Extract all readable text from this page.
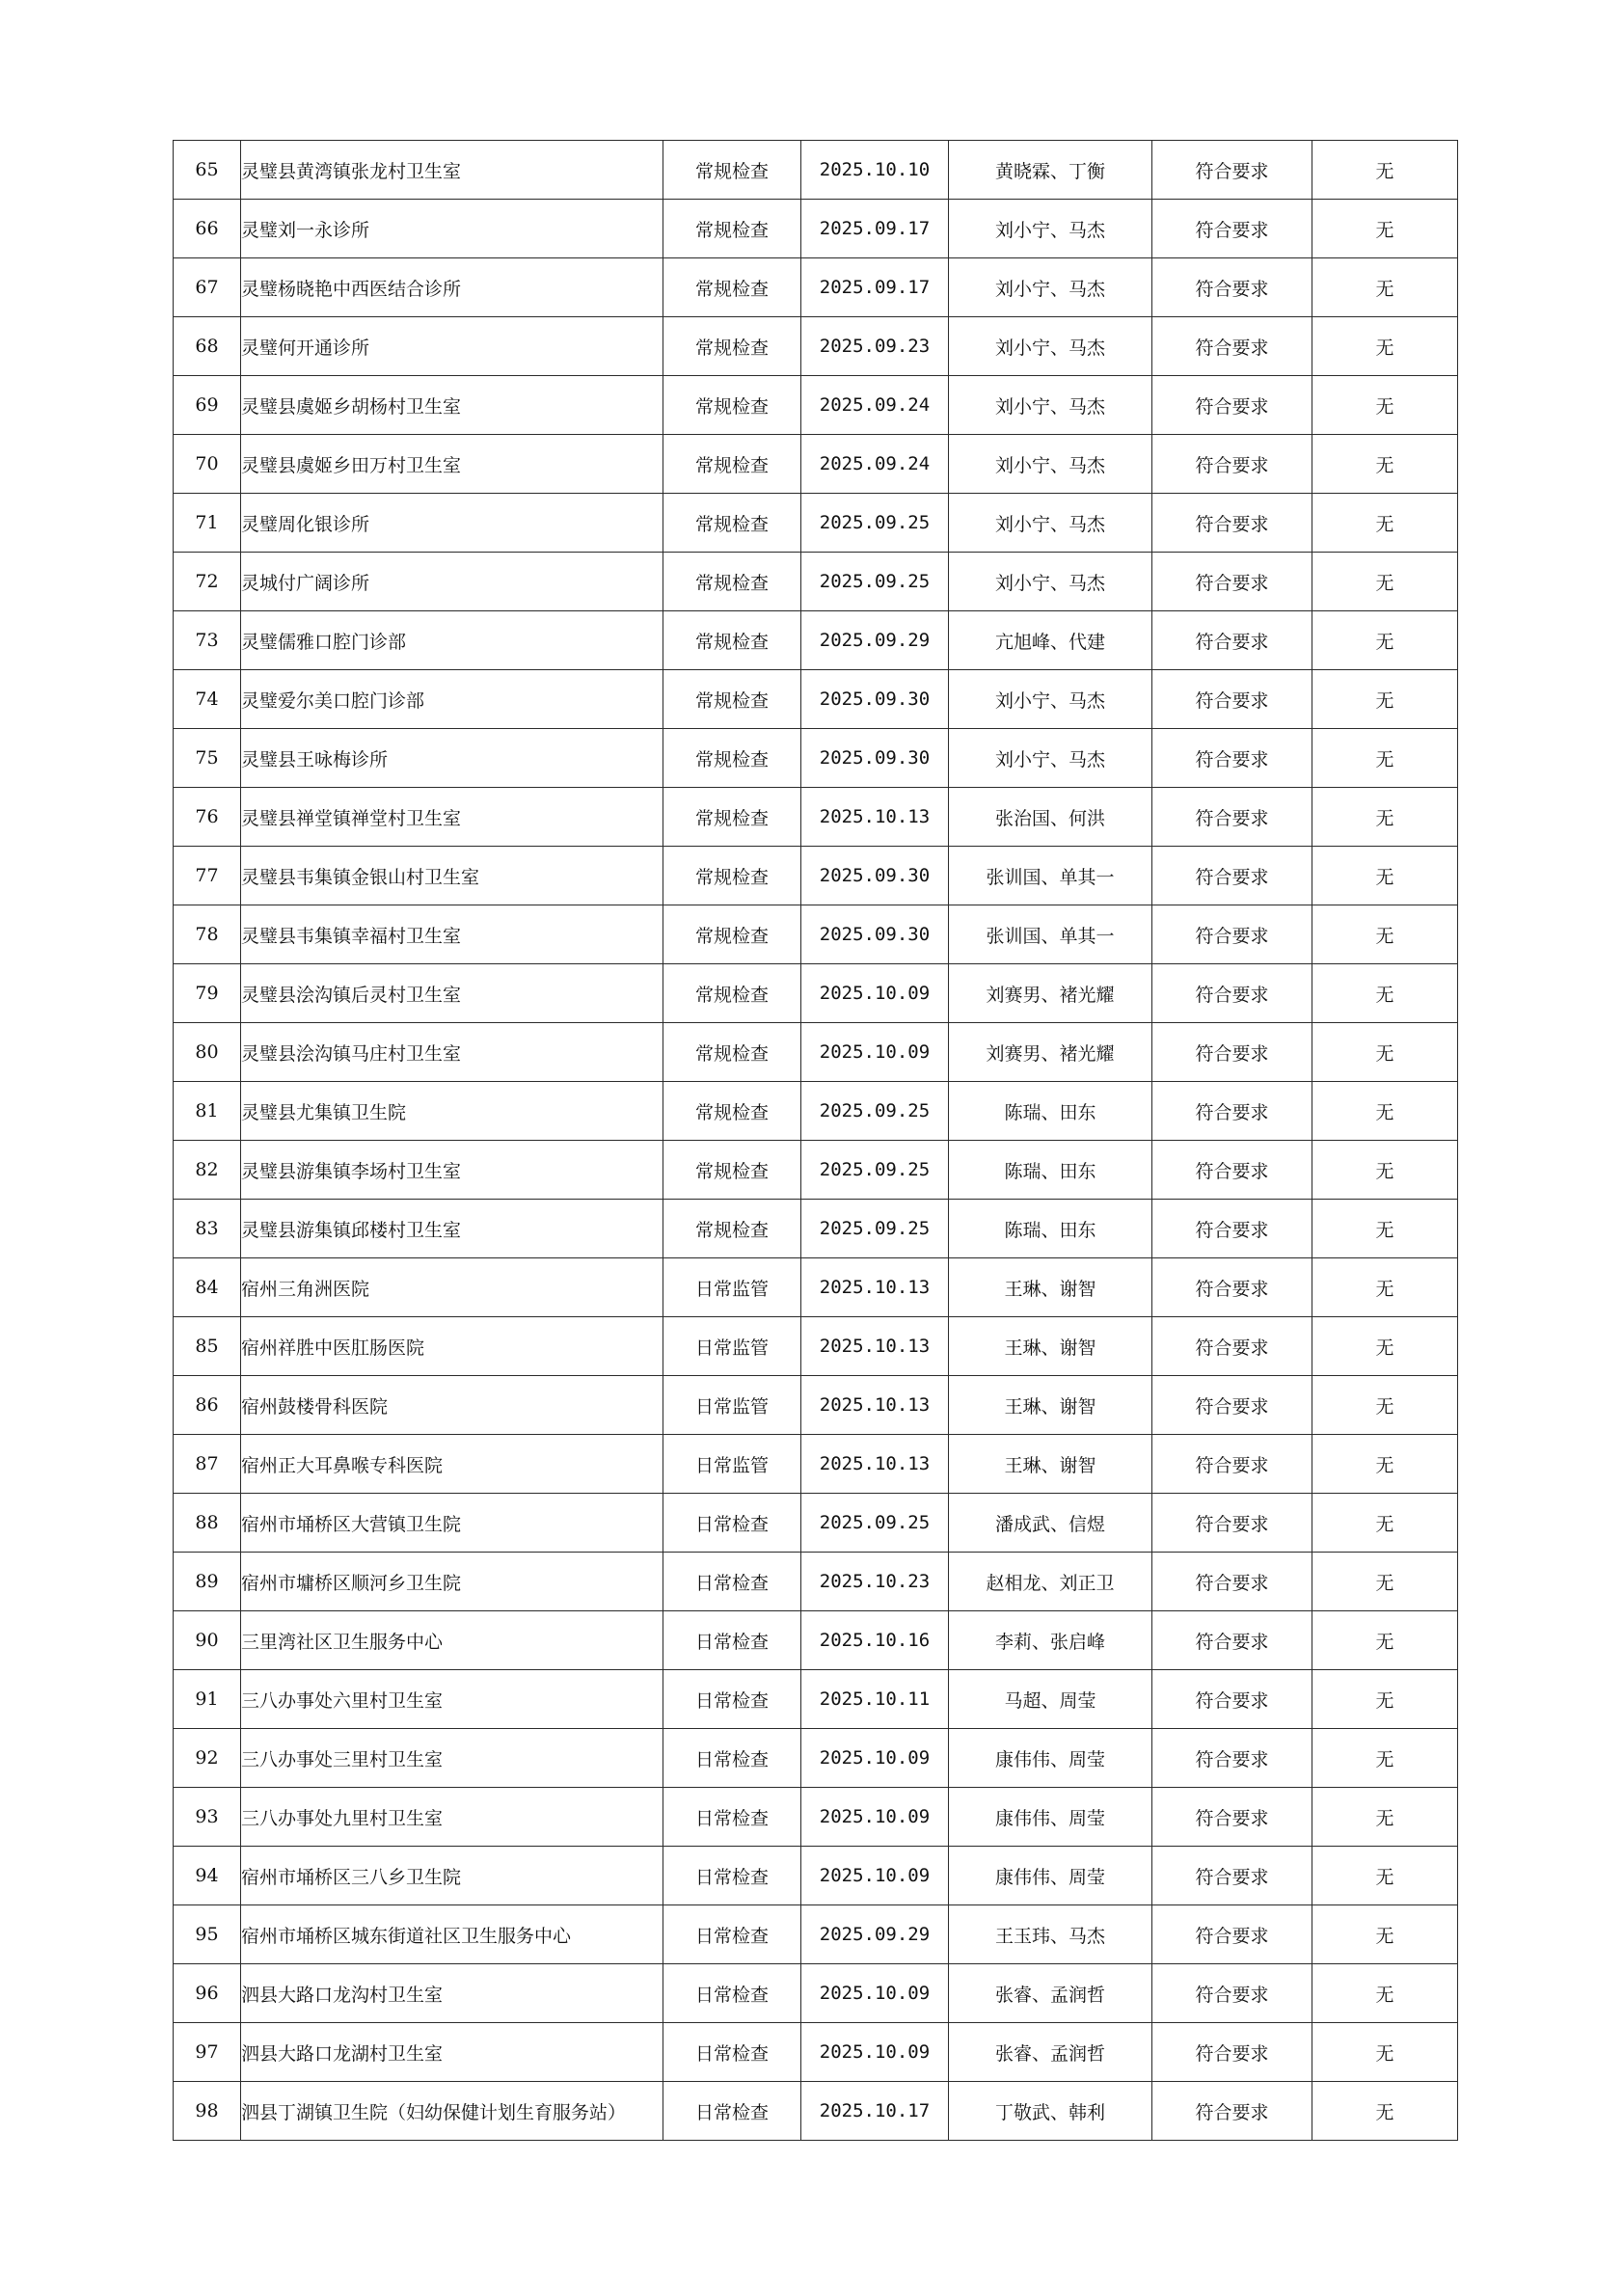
65	灵璧县黄湾镇张龙村卫生室	常规检查	2025.10.10	黄晓霖、丁衡	符合要求	无
66	灵璧刘一永诊所	常规检查	2025.09.17	刘小宁、马杰	符合要求	无
67	灵璧杨晓艳中西医结合诊所	常规检查	2025.09.17	刘小宁、马杰	符合要求	无
68	灵璧何开通诊所	常规检查	2025.09.23	刘小宁、马杰	符合要求	无
69	灵璧县虞姬乡胡杨村卫生室	常规检查	2025.09.24	刘小宁、马杰	符合要求	无
70	灵璧县虞姬乡田万村卫生室	常规检查	2025.09.24	刘小宁、马杰	符合要求	无
71	灵璧周化银诊所	常规检查	2025.09.25	刘小宁、马杰	符合要求	无
72	灵城付广阔诊所	常规检查	2025.09.25	刘小宁、马杰	符合要求	无
73	灵璧儒雅口腔门诊部	常规检查	2025.09.29	亢旭峰、代建	符合要求	无
74	灵璧爱尔美口腔门诊部	常规检查	2025.09.30	刘小宁、马杰	符合要求	无
75	灵璧县王咏梅诊所	常规检查	2025.09.30	刘小宁、马杰	符合要求	无
76	灵璧县禅堂镇禅堂村卫生室	常规检查	2025.10.13	张治国、何洪	符合要求	无
77	灵璧县韦集镇金银山村卫生室	常规检查	2025.09.30	张训国、单其一	符合要求	无
78	灵璧县韦集镇幸福村卫生室	常规检查	2025.09.30	张训国、单其一	符合要求	无
79	灵璧县浍沟镇后灵村卫生室	常规检查	2025.10.09	刘赛男、褚光耀	符合要求	无
80	灵璧县浍沟镇马庄村卫生室	常规检查	2025.10.09	刘赛男、褚光耀	符合要求	无
81	灵璧县尤集镇卫生院	常规检查	2025.09.25	陈瑞、田东	符合要求	无
82	灵璧县游集镇李场村卫生室	常规检查	2025.09.25	陈瑞、田东	符合要求	无
83	灵璧县游集镇邱楼村卫生室	常规检查	2025.09.25	陈瑞、田东	符合要求	无
84	宿州三角洲医院	日常监管	2025.10.13	王琳、谢智	符合要求	无
85	宿州祥胜中医肛肠医院	日常监管	2025.10.13	王琳、谢智	符合要求	无
86	宿州鼓楼骨科医院	日常监管	2025.10.13	王琳、谢智	符合要求	无
87	宿州正大耳鼻喉专科医院	日常监管	2025.10.13	王琳、谢智	符合要求	无
88	宿州市埇桥区大营镇卫生院	日常检查	2025.09.25	潘成武、信煜	符合要求	无
89	宿州市墉桥区顺河乡卫生院	日常检查	2025.10.23	赵相龙、刘正卫	符合要求	无
90	三里湾社区卫生服务中心	日常检查	2025.10.16	李莉、张启峰	符合要求	无
91	三八办事处六里村卫生室	日常检查	2025.10.11	马超、周莹	符合要求	无
92	三八办事处三里村卫生室	日常检查	2025.10.09	康伟伟、周莹	符合要求	无
93	三八办事处九里村卫生室	日常检查	2025.10.09	康伟伟、周莹	符合要求	无
94	宿州市埇桥区三八乡卫生院	日常检查	2025.10.09	康伟伟、周莹	符合要求	无
95	宿州市埇桥区城东街道社区卫生服务中心	日常检查	2025.09.29	王玉玮、马杰	符合要求	无
96	泗县大路口龙沟村卫生室	日常检查	2025.10.09	张睿、孟润哲	符合要求	无
97	泗县大路口龙湖村卫生室	日常检查	2025.10.09	张睿、孟润哲	符合要求	无
98	泗县丁湖镇卫生院（妇幼保健计划生育服务站）	日常检查	2025.10.17	丁敬武、韩利	符合要求	无
